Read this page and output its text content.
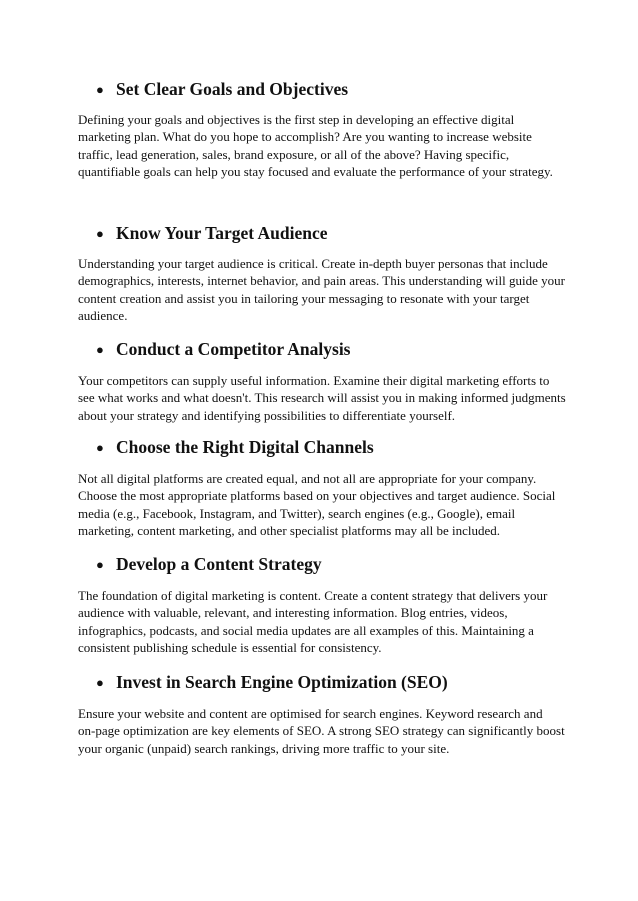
● Set Clear Goals and Objectives
Defining your goals and objectives is the first step in developing an effective digital
marketing plan. What do you hope to accomplish? Are you wanting to increase website
traffic, lead generation, sales, brand exposure, or all of the above? Having specific,
quantifiable goals can help you stay focused and evaluate the performance of your strategy.
● Know Your Target Audience
Understanding your target audience is critical. Create in-depth buyer personas that include
demographics, interests, internet behavior, and pain areas. This understanding will guide your
content creation and assist you in tailoring your messaging to resonate with your target
audience.
● Conduct a Competitor Analysis
Your competitors can supply useful information. Examine their digital marketing efforts to
see what works and what doesn't. This research will assist you in making informed judgments
about your strategy and identifying possibilities to differentiate yourself.
● Choose the Right Digital Channels
Not all digital platforms are created equal, and not all are appropriate for your company.
Choose the most appropriate platforms based on your objectives and target audience. Social
media (e.g., Facebook, Instagram, and Twitter), search engines (e.g., Google), email
marketing, content marketing, and other specialist platforms may all be included.
● Develop a Content Strategy
The foundation of digital marketing is content. Create a content strategy that delivers your
audience with valuable, relevant, and interesting information. Blog entries, videos,
infographics, podcasts, and social media updates are all examples of this. Maintaining a
consistent publishing schedule is essential for consistency.
● Invest in Search Engine Optimization (SEO)
Ensure your website and content are optimised for search engines. Keyword research and
on-page optimization are key elements of SEO. A strong SEO strategy can significantly boost
your organic (unpaid) search rankings, driving more traffic to your site.
